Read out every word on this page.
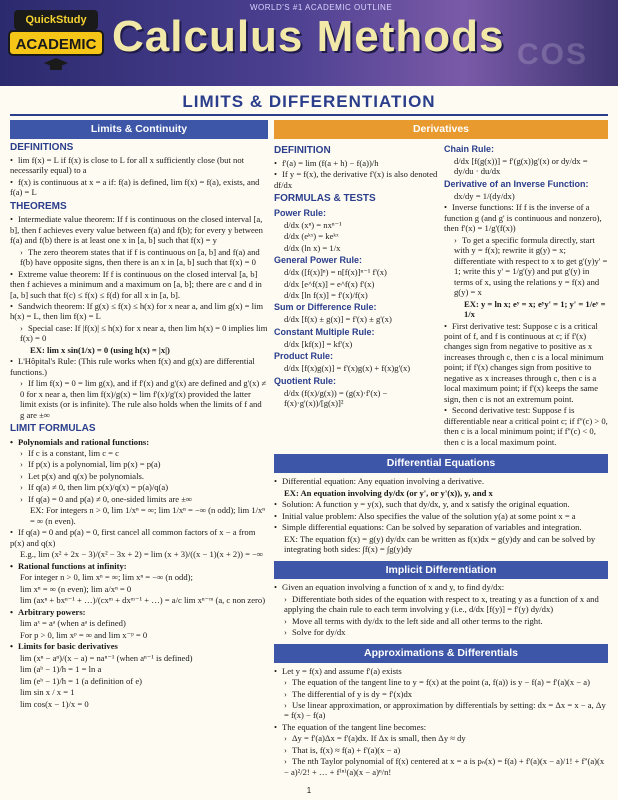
COS
QuickStudy
ACADEMIC
WORLD'S #1 ACADEMIC OUTLINE
Calculus Methods
LIMITS & DIFFERENTIATION
Limits & Continuity
DEFINITIONS
• lim f(x) = L if f(x) is close to L for all x sufficiently close (but not necessarily equal) to a
• f(x) is continuous at x = a if: f(a) is defined, lim f(x) = f(a), exists, and f(a) = L
THEOREMS
• Intermediate value theorem: If f is continuous on the closed interval [a, b], then f achieves every value between f(a) and f(b); for every y between f(a) and f(b) there is at least one x in [a, b] such that f(x) = y
› The zero theorem states that if f is continuous on [a, b] and f(a) and f(b) have opposite signs, then there is an x in [a, b] such that f(x) = 0
• Extreme value theorem: If f is continuous on the closed interval [a, b] then f achieves a minimum and a maximum on [a, b]; there are c and d in [a, b] such that f(c) ≤ f(x) ≤ f(d) for all x in [a, b].
• Sandwich theorem: If g(x) ≤ f(x) ≤ h(x) for x near a, and lim g(x) = lim h(x) = L, then lim f(x) = L
› Special case: If |f(x)| ≤ h(x) for x near a, then lim h(x) = 0 implies lim f(x) = 0
EX: lim x sin(1/x) = 0 (using h(x) = |x|)
• L'Hôpital's Rule: (This rule works when f(x) and g(x) are differential functions.)
› If lim f(x) = 0 = lim g(x), and if f'(x) and g'(x) are defined and g'(x) ≠ 0 for x near a, then lim f(x)/g(x) = lim f'(x)/g'(x) provided the latter limit exists (or is infinite). The rule also holds when the limits of f and g are ±∞
LIMIT FORMULAS
• Polynomials and rational functions:
› If c is a constant, lim c = c
› If p(x) is a polynomial, lim p(x) = p(a)
› Let p(x) and q(x) be polynomials.
› If q(a) ≠ 0, then lim p(x)/q(x) = p(a)/q(a)
› If q(a) = 0 and p(a) ≠ 0, one-sided limits are ±∞
EX: For integers n > 0, lim 1/xⁿ = ∞; lim 1/xⁿ = −∞ (n odd); lim 1/xⁿ = ∞ (n even).
• If q(a) = 0 and p(a) = 0, first cancel all common factors of x − a from p(x) and q(x)
E.g., lim (x² + 2x − 3)/(x² − 3x + 2) = lim (x + 3)/((x − 1)(x + 2)) = −∞
• Rational functions at infinity:
For integer n > 0, lim xⁿ = ∞; lim xⁿ = −∞ (n odd);
lim xⁿ = ∞ (n even); lim a/xⁿ = 0
lim (axⁿ + bxⁿ⁻¹ + …)/(cxᵐ + dxᵐ⁻¹ + …) = a/c lim xⁿ⁻ᵐ (a, c non zero)
• Arbitrary powers:
lim aˣ = aᵃ (when aᵃ is defined)
For p > 0, lim xᵖ = ∞ and lim x⁻ᵖ = 0
• Limits for basic derivatives
lim (xⁿ − aⁿ)/(x − a) = naⁿ⁻¹ (when aⁿ⁻¹ is defined)
lim (aʰ − 1)/h = 1 = ln a
lim (eʰ − 1)/h = 1 (a definition of e)
lim sin x / x = 1
lim cos(x − 1)/x = 0
Derivatives
DEFINITION
• f'(a) = lim (f(a + h) − f(a))/h
• If y = f(x), the derivative f'(x) is also denoted df/dx
FORMULAS & TESTS
Power Rule:
d/dx (xⁿ) = nxⁿ⁻¹
d/dx (eᵏˣ) = keᵏˣ
d/dx (ln x) = 1/x
General Power Rule:
d/dx ([f(x)]ⁿ) = n[f(x)]ⁿ⁻¹ f'(x)
d/dx [e^f(x)] = e^f(x) f'(x)
d/dx [ln f(x)] = f'(x)/f(x)
Sum or Difference Rule:
d/dx [f(x) ± g(x)] = f'(x) ± g'(x)
Constant Multiple Rule:
d/dx [kf(x)] = kf'(x)
Product Rule:
d/dx [f(x)g(x)] = f'(x)g(x) + f(x)g'(x)
Quotient Rule:
d/dx (f(x)/g(x)) = (g(x)·f'(x) − f(x)·g'(x))/[g(x)]²
Chain Rule:
d/dx [f(g(x))] = f'(g(x))g'(x) or dy/dx = dy/du · du/dx
Derivative of an Inverse Function:
dx/dy = 1/(dy/dx)
• Inverse functions: If f is the inverse of a function g (and g' is continuous and nonzero), then f'(x) = 1/g'(f(x))
› To get a specific formula directly, start with y = f(x); rewrite it g(y) = x; differentiate with respect to x to get g'(y)y' = 1; write this y' = 1/g'(y) and put g'(y) in terms of x, using the relations y = f(x) and g(y) = x
EX: y = ln x; eʸ = x; eʸy' = 1; y' = 1/eʸ = 1/x
• First derivative test: Suppose c is a critical point of f, and f is continuous at c; if f'(x) changes sign from negative to positive as x increases through c, then c is a local minimum point; if f'(x) changes sign from positive to negative as x increases through c, then c is a local maximum point; if f'(x) keeps the same sign, then c is not an extremum point.
• Second derivative test: Suppose f is differentiable near a critical point c; if f''(c) > 0, then c is a local minimum point; if f''(c) < 0, then c is a local maximum point.
Differential Equations
• Differential equation: Any equation involving a derivative.
EX: An equation involving dy/dx (or y', or y'(x)), y, and x
• Solution: A function y = y(x), such that dy/dx, y, and x satisfy the original equation.
• Initial value problem: Also specifies the value of the solution y(a) at some point x = a
• Simple differential equations: Can be solved by separation of variables and integration.
EX: The equation f(x) = g(y) dy/dx can be written as f(x)dx = g(y)dy and can be solved by integrating both sides: ∫f(x) = ∫g(y)dy
Implicit Differentiation
• Given an equation involving a function of x and y, to find dy/dx:
› Differentiate both sides of the equation with respect to x, treating y as a function of x and applying the chain rule to each term involving y (i.e., d/dx [f(y)] = f'(y) dy/dx)
› Move all terms with dy/dx to the left side and all other terms to the right.
› Solve for dy/dx
Approximations & Differentials
• Let y = f(x) and assume f'(a) exists
› The equation of the tangent line to y = f(x) at the point (a, f(a)) is y − f(a) = f'(a)(x − a)
› The differential of y is dy = f'(x)dx
› Use linear approximation, or approximation by differentials by setting: dx = Δx = x − a, Δy = f(x) − f(a)
• The equation of the tangent line becomes:
› Δy = f'(a)Δx = f'(a)dx. If Δx is small, then Δy ≈ dy
› That is, f(x) ≈ f(a) + f'(a)(x − a)
› The nth Taylor polynomial of f(x) centered at x = a is pₙ(x) = f(a) + f'(a)(x − a)/1! + f''(a)(x − a)²/2! + … + f⁽ⁿ⁾(a)(x − a)ⁿ/n!
1
